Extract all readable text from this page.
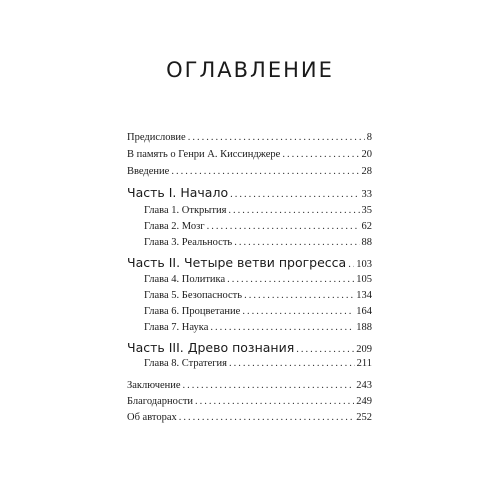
ОГЛАВЛЕНИЕ
Предисловие .....	8
В память о Генри А. Киссинджере .....	20
Введение .....	28
Часть I. Начало .....	33
Глава 1. Открытия .....	35
Глава 2. Мозг .....	62
Глава 3. Реальность .....	88
Часть II. Четыре ветви прогресса ..... 103
Глава 4. Политика .....	105
Глава 5. Безопасность .....	134
Глава 6. Процветание .....	164
Глава 7. Наука .....	188
Часть III. Древо познания .....	209
Глава 8. Стратегия .....	211
Заключение .....	243
Благодарности .....	249
Об авторах .....	252
